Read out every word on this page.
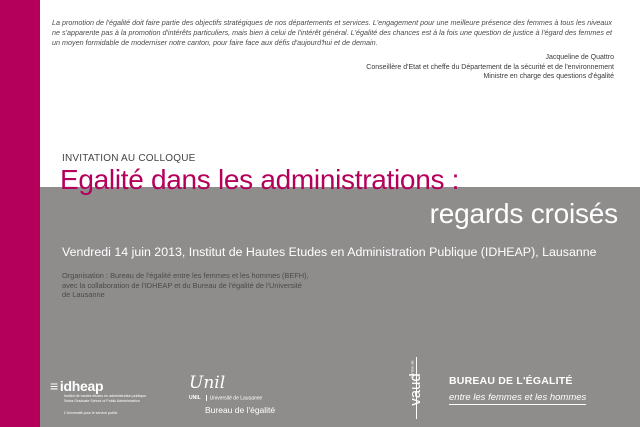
La promotion de l'égalité doit faire partie des objectifs stratégiques de nos départements et services. L'engagement pour une meilleure présence des femmes à tous les niveaux ne s'apparente pas à la promotion d'intérêts particuliers, mais bien à celui de l'intérêt général. L'égalité des chances est à la fois une question de justice à l'égard des femmes et un moyen formidable de moderniser notre canton, pour faire face aux défis d'aujourd'hui et de demain.
Jacqueline de Quattro
Conseillère d'Etat et cheffe du Département de la sécurité et de l'environnement
Ministre en charge des questions d'égalité
INVITATION AU COLLOQUE
Egalité dans les administrations :
regards croisés
Vendredi 14 juin 2013, Institut de Hautes Etudes en Administration Publique (IDHEAP), Lausanne
Organisation : Bureau de l'égalité entre les femmes et les hommes (BEFH),
avec la collaboration de l'IDHEAP et du Bureau de l'égalité de l'Université
de Lausanne
≡ idheap
Institut de hautes études en administration publique
Swiss Graduate School of Public Administration
L'Université pour le service public
Unil
UNIL Université de Lausanne
Bureau de l'égalité
Canton de
vaud BUREAU DE L'ÉGALITÉ
entre les femmes et les hommes
